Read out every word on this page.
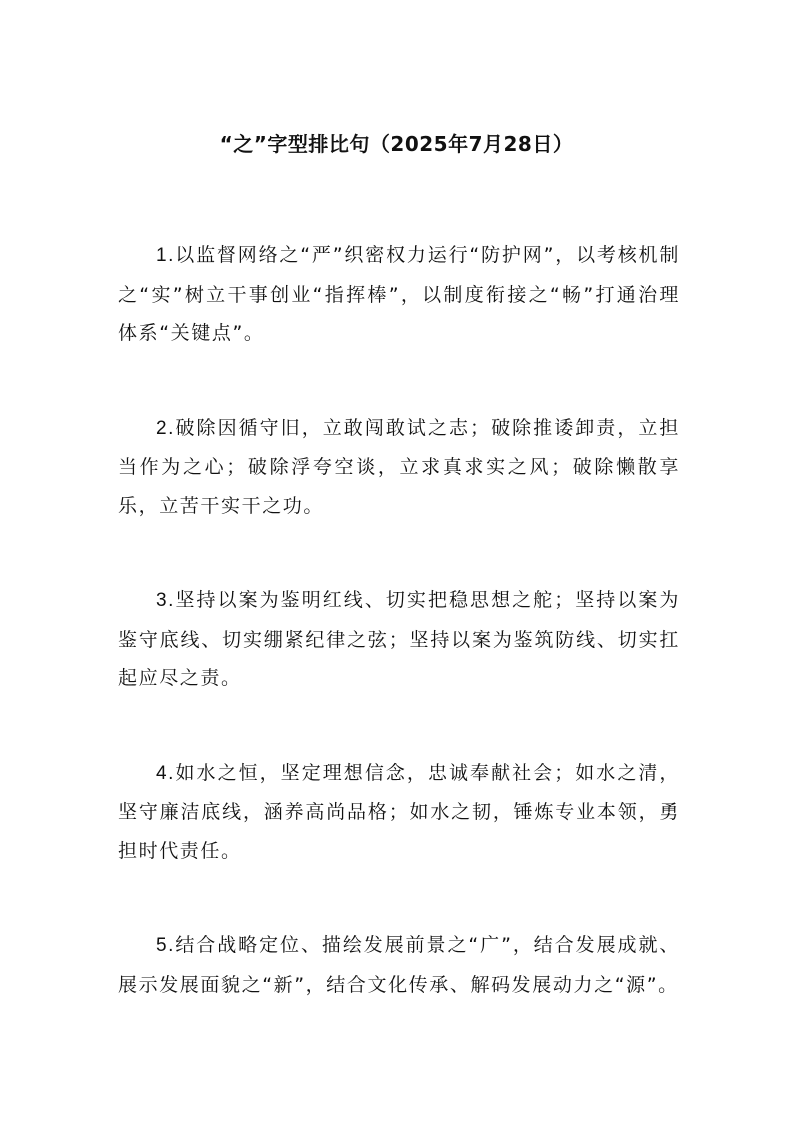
“之”字型排比句（2025年7月28日）

1.以监督网络之“严”织密权力运行“防护网”，以考核机制之“实”树立干事创业“指挥棒”，以制度衔接之“畅”打通治理体系“关键点”。

2.破除因循守旧，立敢闯敢试之志；破除推诿卸责，立担当作为之心；破除浮夸空谈，立求真求实之风；破除懒散享乐，立苦干实干之功。

3.坚持以案为鉴明红线、切实把稳思想之舵；坚持以案为鉴守底线、切实绷紧纪律之弦；坚持以案为鉴筑防线、切实扛起应尽之责。

4.如水之恒，坚定理想信念，忠诚奉献社会；如水之清，坚守廉洁底线，涵养高尚品格；如水之韧，锤炼专业本领，勇担时代责任。

5.结合战略定位、描绘发展前景之“广”，结合发展成就、展示发展面貌之“新”，结合文化传承、解码发展动力之“源”。
